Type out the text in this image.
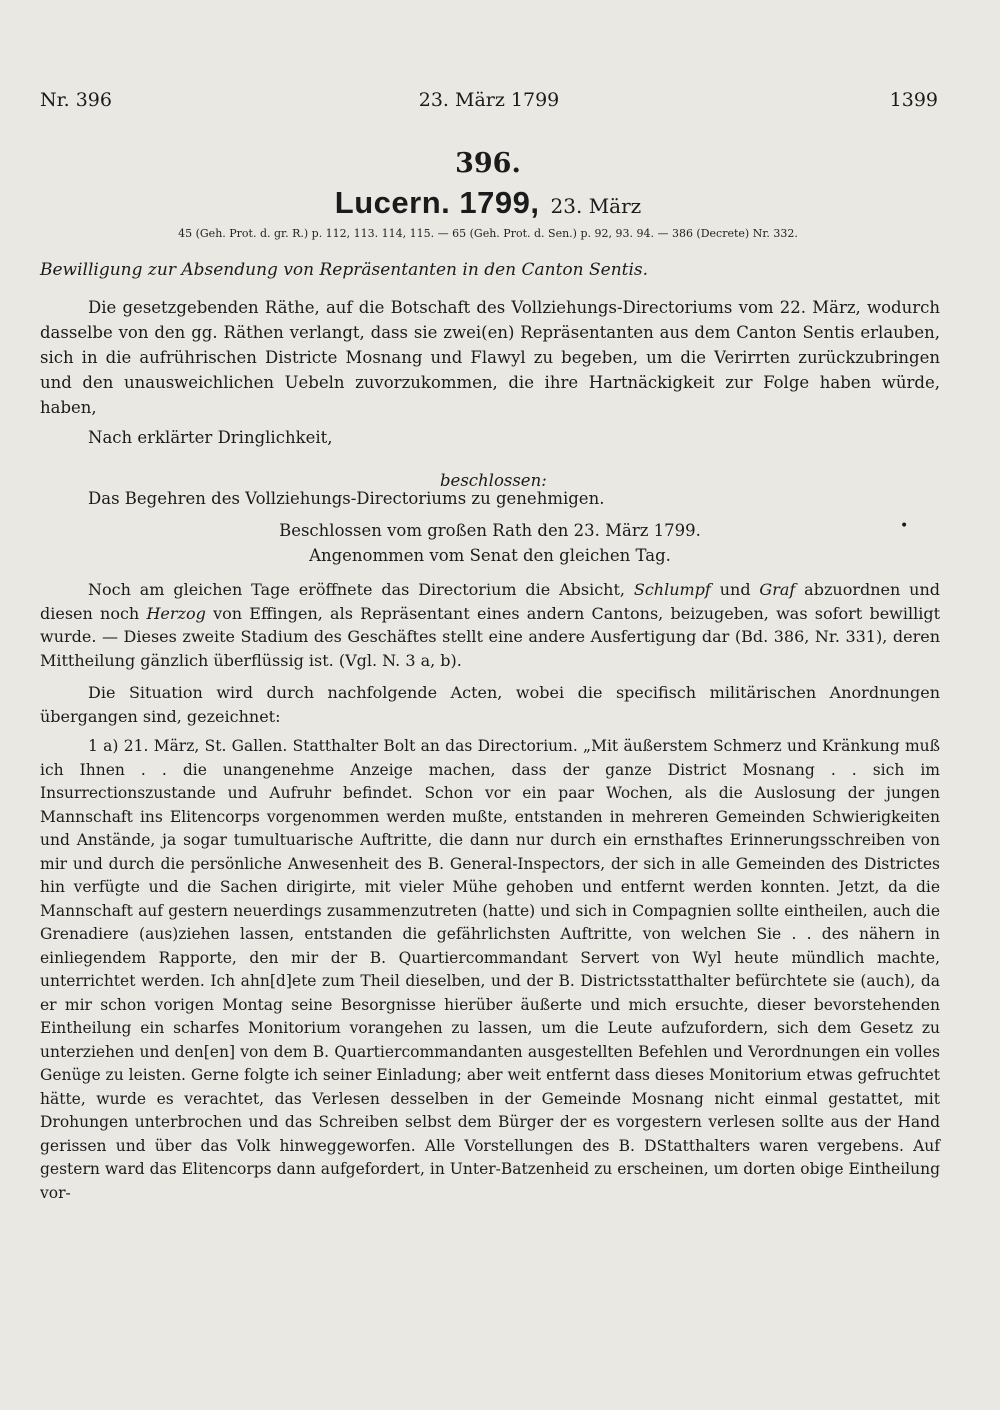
Nr. 396	23. März 1799	1399
396.
Lucern. 1799, 23. März
45 (Geh. Prot. d. gr. R.) p. 112, 113. 114, 115. — 65 (Geh. Prot. d. Sen.) p. 92, 93. 94. — 386 (Decrete) Nr. 332.
Bewilligung zur Absendung von Repräsentanten in den Canton Sentis.

Die gesetzgebenden Räthe, auf die Botschaft des Vollziehungs-Directoriums vom 22. März, wodurch dasselbe von den gg. Räthen verlangt, dass sie zwei(en) Repräsentanten aus dem Canton Sentis erlauben, sich in die aufrührischen Districte Mosnang und Flawyl zu begeben, um die Verirrten zurückzubringen und den unausweichlichen Uebeln zuvorzukommen, die ihre Hartnäckigkeit zur Folge haben würde, haben,

Nach erklärter Dringlichkeit,

beschlossen:

Das Begehren des Vollziehungs-Directoriums zu genehmigen.

Beschlossen vom großen Rath den 23. März 1799.	•

Angenommen vom Senat den gleichen Tag.

Noch am gleichen Tage eröffnete das Directorium die Absicht, Schlumpf und Graf abzuordnen und diesen noch Herzog von Effingen, als Repräsentant eines andern Cantons, beizugeben, was sofort bewilligt wurde. — Dieses zweite Stadium des Geschäftes stellt eine andere Ausfertigung dar (Bd. 386, Nr. 331), deren Mittheilung gänzlich überflüssig ist. (Vgl. N. 3 a, b).

Die Situation wird durch nachfolgende Acten, wobei die specifisch militärischen Anordnungen übergangen sind, gezeichnet:

1 a) 21. März, St. Gallen. Statthalter Bolt an das Directorium. „Mit äußerstem Schmerz und Kränkung muß ich Ihnen . . die unangenehme Anzeige machen, dass der ganze District Mosnang . . sich im Insurrectionszustande und Aufruhr befindet. Schon vor ein paar Wochen, als die Auslosung der jungen Mannschaft ins Elitencorps vorgenommen werden mußte, entstanden in mehreren Gemeinden Schwierigkeiten und Anstände, ja sogar tumultuarische Auftritte, die dann nur durch ein ernsthaftes Erinnerungsschreiben von mir und durch die persönliche Anwesenheit des B. General-Inspectors, der sich in alle Gemeinden des Districtes hin verfügte und die Sachen dirigirte, mit vieler Mühe gehoben und entfernt werden konnten. Jetzt, da die Mannschaft auf gestern neuerdings zusammenzutreten (hatte) und sich in Compagnien sollte eintheilen, auch die Grenadiere (aus)ziehen lassen, entstanden die gefährlichsten Auftritte, von welchen Sie . . des nähern in einliegendem Rapporte, den mir der B. Quartiercommandant Servert von Wyl heute mündlich machte, unterrichtet werden. Ich ahn[d]ete zum Theil dieselben, und der B. Districtsstatthalter befürchtete sie (auch), da er mir schon vorigen Montag seine Besorgnisse hierüber äußerte und mich ersuchte, dieser bevorstehenden Eintheilung ein scharfes Monitorium vorangehen zu lassen, um die Leute aufzufordern, sich dem Gesetz zu unterziehen und den[en] von dem B. Quartiercommandanten ausgestellten Befehlen und Verordnungen ein volles Genüge zu leisten. Gerne folgte ich seiner Einladung; aber weit entfernt dass dieses Monitorium etwas gefruchtet hätte, wurde es verachtet, das Verlesen desselben in der Gemeinde Mosnang nicht einmal gestattet, mit Drohungen unterbrochen und das Schreiben selbst dem Bürger der es vorgestern verlesen sollte aus der Hand gerissen und über das Volk hinweggeworfen. Alle Vorstellungen des B. DStatthalters waren vergebens. Auf gestern ward das Elitencorps dann aufgefordert, in Unter-Batzenheid zu erscheinen, um dorten obige Eintheilung vor-
